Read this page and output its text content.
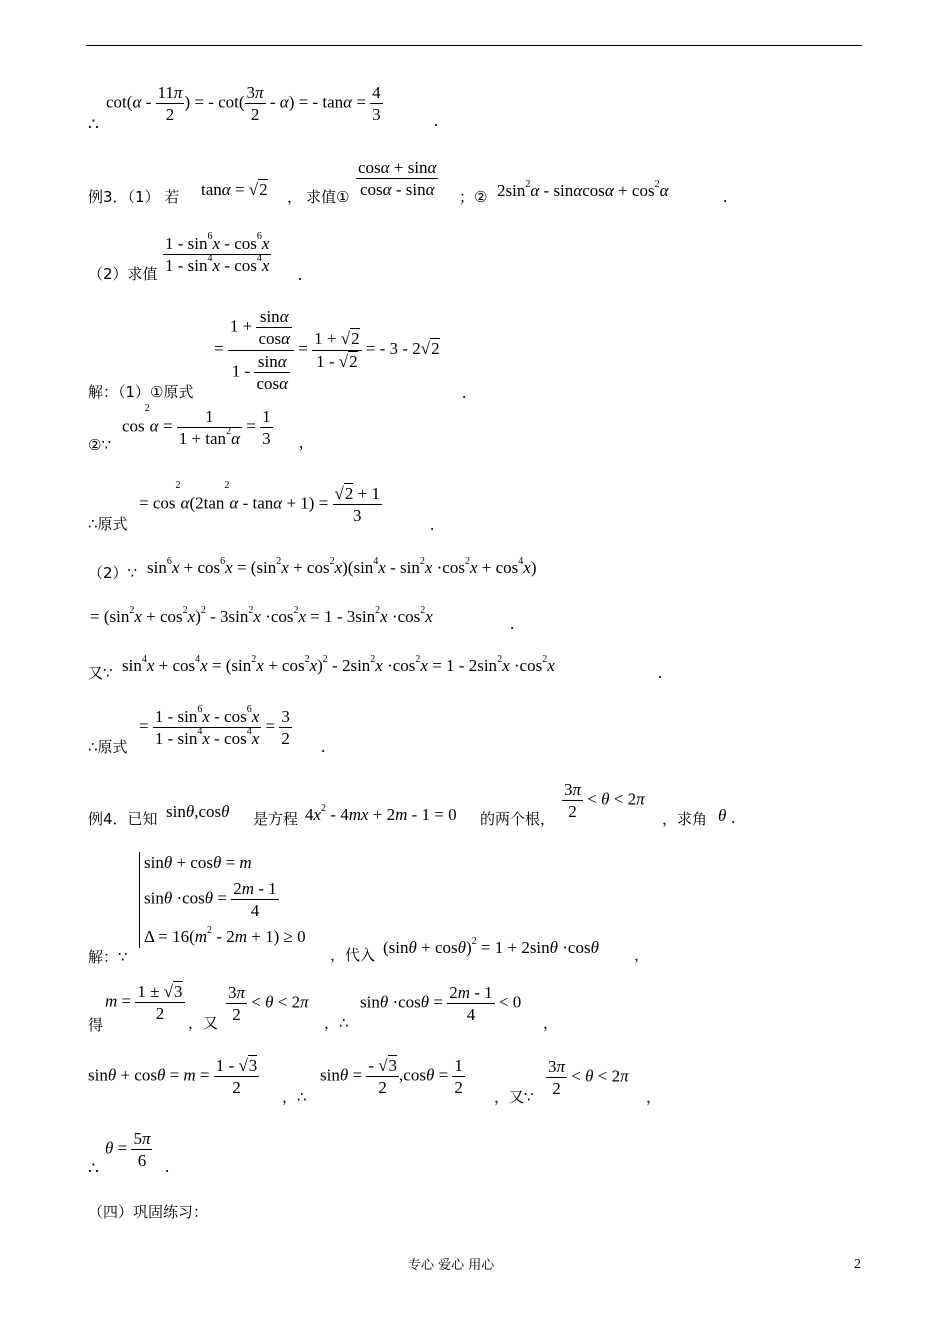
$\cot(\alpha - \frac{11\pi}{2}$ ) = - $\cot( \frac{3\pi}{2} - \alpha)$ = - $\tan\alpha = \frac{4}{3}$
∴	.
例3．（1） 若 tanα = √2 ， 求值① $\frac{\cos\alpha + \sin\alpha}{\cos\alpha - \sin\alpha}$ ；② $2\sin^2\alpha - \sin\alpha\cos\alpha + \cos^2\alpha$	.
（2）求值 $\frac{1 - \sin^6x - \cos^6x}{1 - \sin^4x - \cos^4x}$ .
= $\frac{1 + \frac{\sin\alpha}{\cos\alpha}}{1 - \frac{\sin\alpha}{\cos\alpha}} = \frac{1 + √2}{1 - √2}$ = - 3 - 2√2
解：（1）①原式	.
$\cos^2\alpha = \frac{1}{1 + \tan^2\alpha} = \frac{1}{3}$
②∵	,
= $\cos^2\alpha(2\tan^2\alpha - \tan\alpha + 1) = \frac{√2 + 1}{3}$
∴原式	.
（2）∵ $\sin^6x + \cos^6x = (\sin^2x + \cos^2x)(\sin^4x - \sin^2x \cdot\cos^2x + \cos^4x)$
= $(\sin^2x + \cos^2x)^2 - 3\sin^2x \cdot\cos^2x = 1 - 3\sin^2x \cdot\cos^2x$	.
又∵ $\sin^4x + \cos^4x = (\sin^2x + \cos^2x)^2 - 2\sin^2x \cdot\cos^2x = 1 - 2\sin^2x \cdot\cos^2x$	.
= $\frac{1 - \sin^6x - \cos^6x}{1 - \sin^4x - \cos^4x} = \frac{3}{2}$
∴原式	.
例4．已知 sinθ,cosθ 是方程 $4x^2 - 4mx + 2m - 1 = 0$ 的两个根， $\frac{3\pi}{2} < \theta < 2\pi$
，求角 θ .
sinθ + cosθ = m
$\sin\theta \cdot\cos\theta = \frac{2m - 1}{4}$
$\Delta = 16(m^2 - 2m + 1) \ge 0$
解：∵	，代入 $(\sin\theta + \cos\theta)^2 = 1 + 2\sin\theta \cdot\cos\theta$ ，
得
$m = \frac{1 \pm √3}{2}$ ，又 $\frac{3\pi}{2} < \theta < 2\pi$
，∴
$\sin\theta \cdot\cos\theta = \frac{2m - 1}{4} < 0$
，
$\sin\theta + \cos\theta = m = \frac{1 - √3}{2}$ ，∴
$\sin\theta = \frac{- √3}{2} ,\cos\theta = \frac{1}{2}$ ，又∵ $\frac{3\pi}{2} < \theta < 2\pi$
，
$\theta = \frac{5\pi}{6}$
∴	.
（四）巩固练习：
专心 爱心 用心	2
